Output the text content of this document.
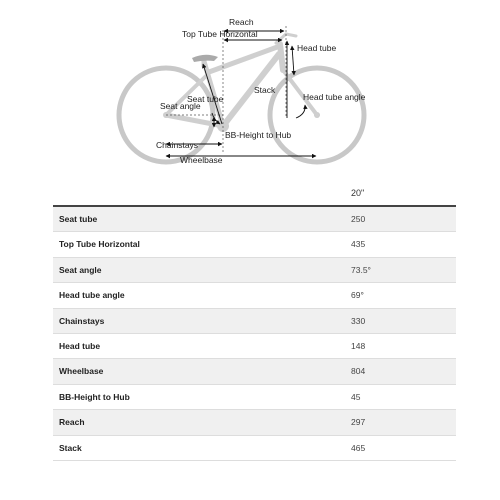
Reach
Top Tube Horizontal
Head tube
Stack
Head tube angle
Seat tube
Seat angle
BB-Height to Hub
Chainstays
Wheelbase
20"
Seat tube	250
Top Tube Horizontal	435
Seat angle	73.5°
Head tube angle	69°
Chainstays	330
Head tube	148
Wheelbase	804
BB-Height to Hub	45
Reach	297
Stack	465
